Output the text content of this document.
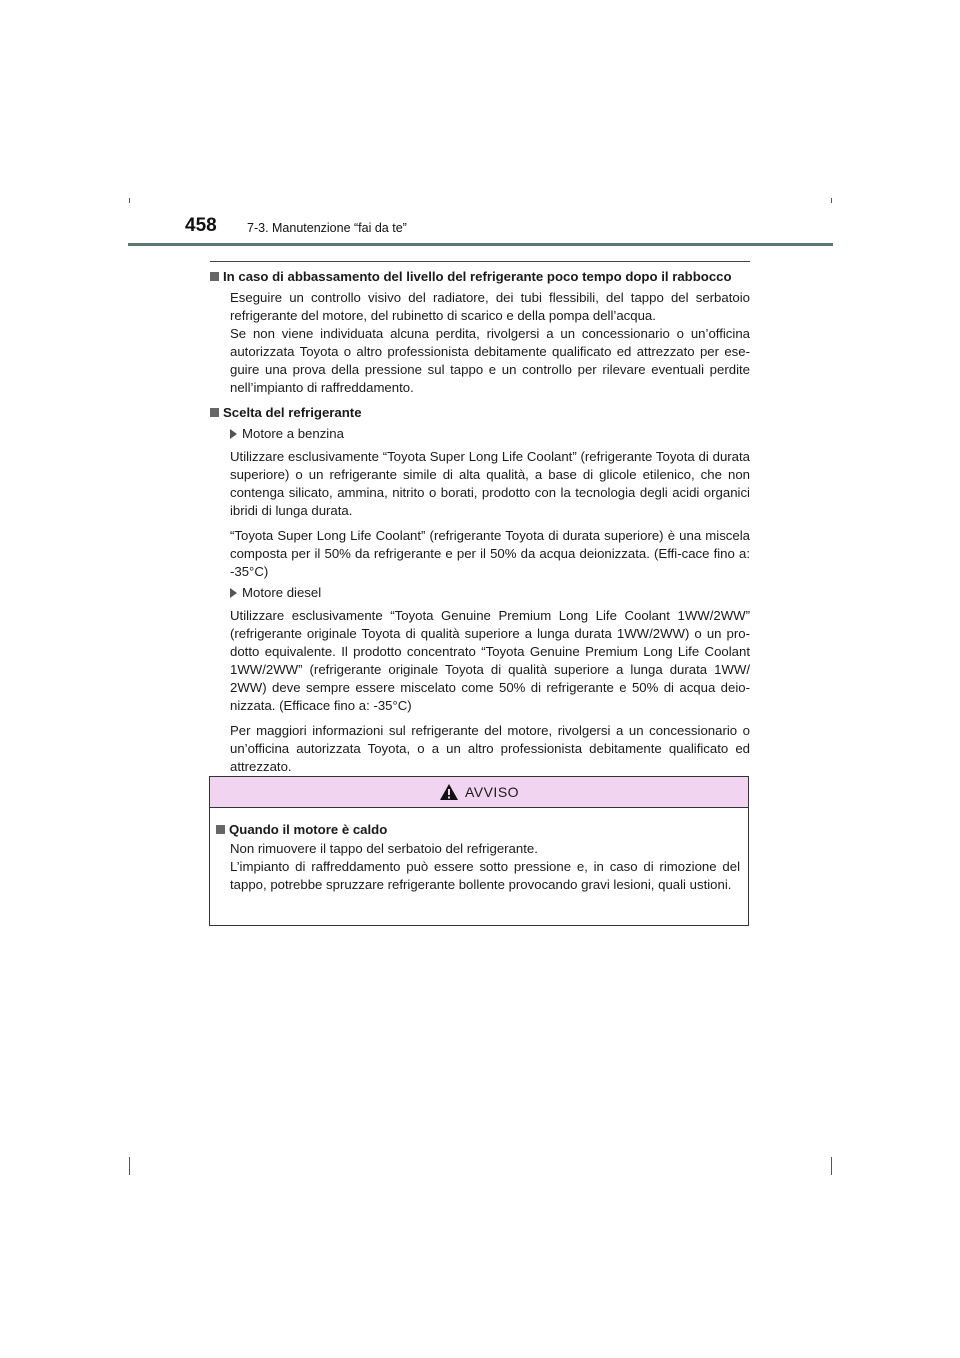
458 7-3. Manutenzione “fai da te”
In caso di abbassamento del livello del refrigerante poco tempo dopo il rabbocco
Eseguire un controllo visivo del radiatore, dei tubi flessibili, del tappo del serbatoio
refrigerante del motore, del rubinetto di scarico e della pompa dell’acqua.
Se non viene individuata alcuna perdita, rivolgersi a un concessionario o un’officina
autorizzata Toyota o altro professionista debitamente qualificato ed attrezzato per ese-
guire una prova della pressione sul tappo e un controllo per rilevare eventuali perdite
nell’impianto di raffreddamento.
Scelta del refrigerante
Motore a benzina
Utilizzare esclusivamente “Toyota Super Long Life Coolant” (refrigerante Toyota di durata superiore) o un refrigerante simile di alta qualità, a base di glicole etilenico, che non contenga silicato, ammina, nitrito o borati, prodotto con la tecnologia degli acidi organici ibridi di lunga durata.
“Toyota Super Long Life Coolant” (refrigerante Toyota di durata superiore) è una miscela composta per il 50% da refrigerante e per il 50% da acqua deionizzata. (Effi-cace fino a: -35°C)
Motore diesel
Utilizzare esclusivamente “Toyota Genuine Premium Long Life Coolant 1WW/2WW” (refrigerante originale Toyota di qualità superiore a lunga durata 1WW/2WW) o un pro-dotto equivalente. Il prodotto concentrato “Toyota Genuine Premium Long Life Coolant 1WW/2WW” (refrigerante originale Toyota di qualità superiore a lunga durata 1WW/ 2WW) deve sempre essere miscelato come 50% di refrigerante e 50% di acqua deio-nizzata. (Efficace fino a: -35°C)
Per maggiori informazioni sul refrigerante del motore, rivolgersi a un concessionario o un’officina autorizzata Toyota, o a un altro professionista debitamente qualificato ed attrezzato.
AVVISO
Quando il motore è caldo
Non rimuovere il tappo del serbatoio del refrigerante.
L’impianto di raffreddamento può essere sotto pressione e, in caso di rimozione del tappo, potrebbe spruzzare refrigerante bollente provocando gravi lesioni, quali ustioni.
